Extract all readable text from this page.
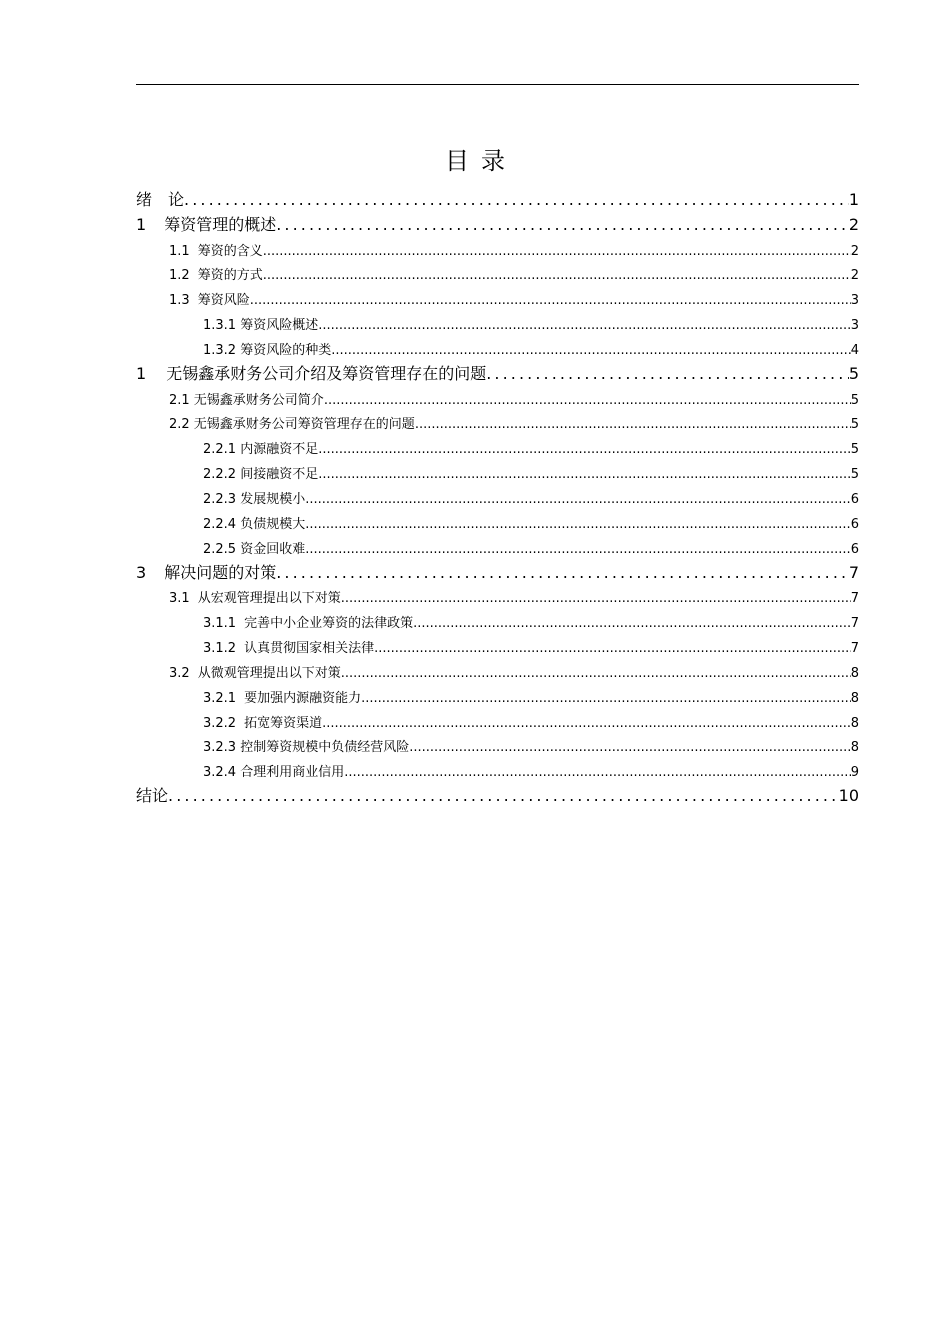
目录
绪　论 .....	1
1 筹资管理的概述 .....	2
1.1 筹资的含义 .....	2
1.2 筹资的方式 .....	2
1.3 筹资风险 .....	3
1.3.1 筹资风险概述 .....	3
1.3.2 筹资风险的种类 .....	4
1 无锡鑫承财务公司介绍及筹资管理存在的问题 .....	5
2.1 无锡鑫承财务公司简介 .....	5
2.2 无锡鑫承财务公司筹资管理存在的问题 .....	5
2.2.1 内源融资不足 .....	5
2.2.2 间接融资不足 .....	5
2.2.3 发展规模小 .....	6
2.2.4 负债规模大 .....	6
2.2.5 资金回收难 .....	6
3 解决问题的对策 .....	7
3.1 从宏观管理提出以下对策 .....	7
3.1.1 完善中小企业筹资的法律政策 .....	7
3.1.2 认真贯彻国家相关法律 .....	7
3.2 从微观管理提出以下对策 .....	8
3.2.1 要加强内源融资能力 .....	8
3.2.2 拓宽筹资渠道 .....	8
3.2.3 控制筹资规模中负债经营风险 .....	8
3.2.4 合理利用商业信用 .....	9
结论 .....	10
